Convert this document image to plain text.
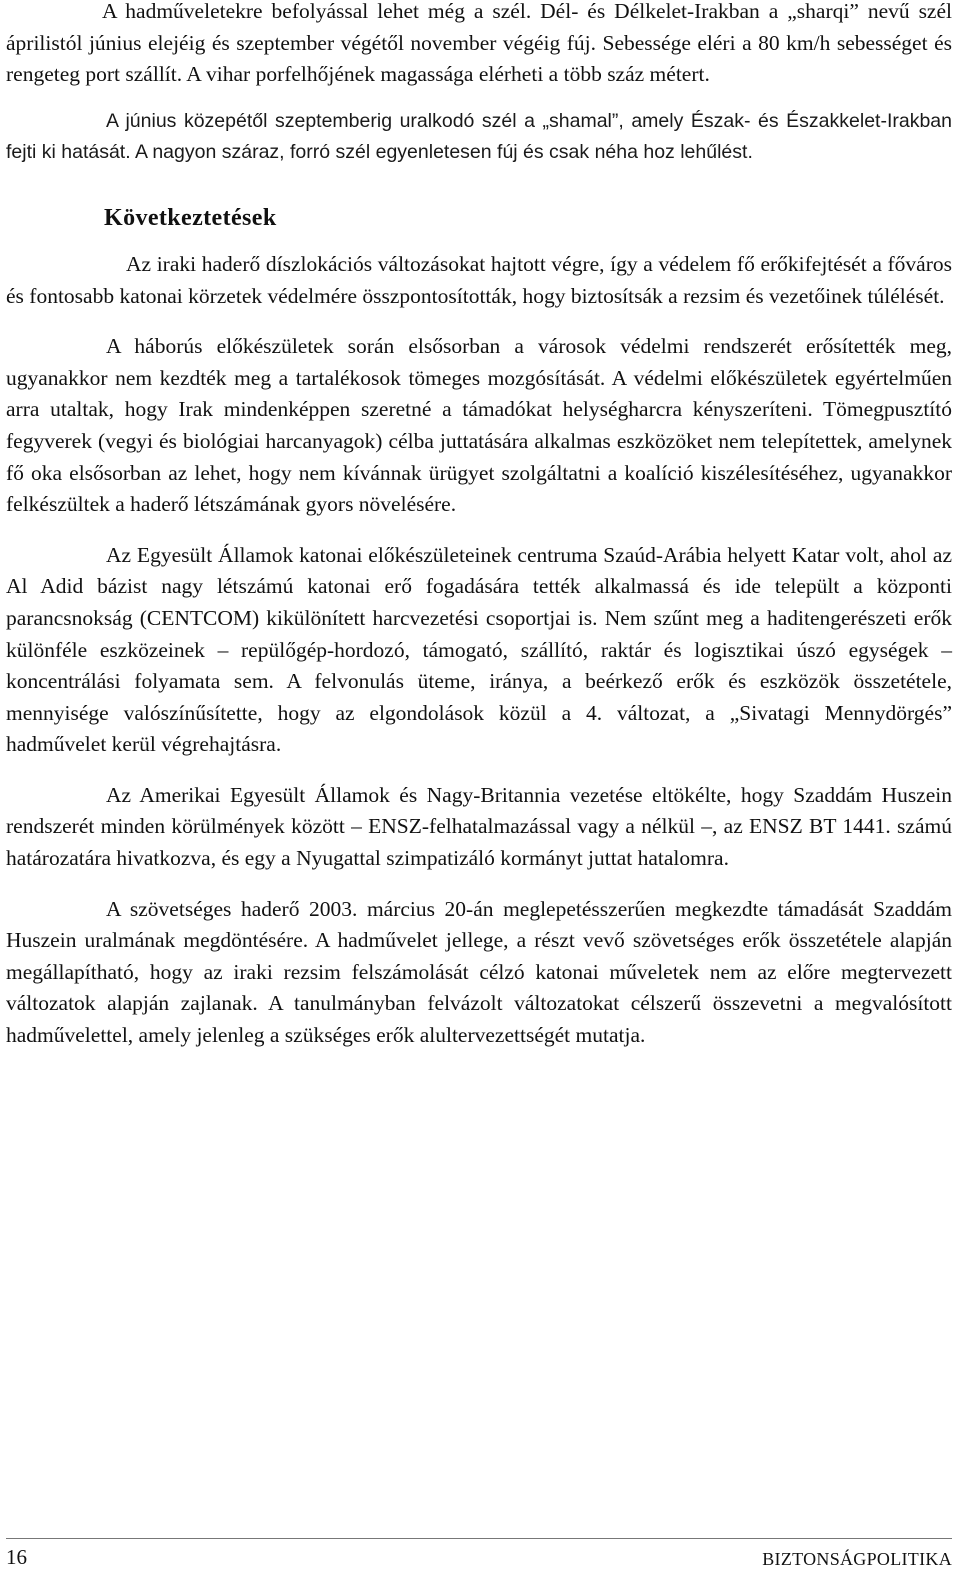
A hadműveletekre befolyással lehet még a szél. Dél- és Délkelet-Irakban a „sharqi” nevű szél áprilistól június elejéig és szeptember végétől november végéig fúj. Sebessége eléri a 80 km/h sebességet és rengeteg port szállít. A vihar porfelhőjének magassága elérheti a több száz métert.

A június közepétől szeptemberig uralkodó szél a „shamal”, amely Észak- és Északkelet-Irakban fejti ki hatását. A nagyon száraz, forró szél egyenletesen fúj és csak néha hoz lehűlést.

Következtetések

Az iraki haderő díszlokációs változásokat hajtott végre, így a védelem fő erőkifejtését a főváros és fontosabb katonai körzetek védelmére összpontosították, hogy biztosítsák a rezsim és vezetőinek túlélését.

A háborús előkészületek során elsősorban a városok védelmi rendszerét erősítették meg, ugyanakkor nem kezdték meg a tartalékosok tömeges mozgósítását. A védelmi előkészületek egyértelműen arra utaltak, hogy Irak mindenképpen szeretné a támadókat helységharcra kényszeríteni. Tömegpusztító fegyverek (vegyi és biológiai harcanyagok) célba juttatására alkalmas eszközöket nem telepítettek, amelynek fő oka elsősorban az lehet, hogy nem kívánnak ürügyet szolgáltatni a koalíció kiszélesítéséhez, ugyanakkor felkészültek a haderő létszámának gyors növelésére.

Az Egyesült Államok katonai előkészületeinek centruma Szaúd-Arábia helyett Katar volt, ahol az Al Adid bázist nagy létszámú katonai erő fogadására tették alkalmassá és ide települt a központi parancsnokság (CENTCOM) kikülönített harcvezetési csoportjai is. Nem szűnt meg a haditengerészeti erők különféle eszközeinek – repülőgép-hordozó, támogató, szállító, raktár és logisztikai úszó egységek – koncentrálási folyamata sem. A felvonulás üteme, iránya, a beérkező erők és eszközök összetétele, mennyisége valószínűsítette, hogy az elgondolások közül a 4. változat, a „Sivatagi Mennydörgés” hadművelet kerül végrehajtásra.

Az Amerikai Egyesült Államok és Nagy-Britannia vezetése eltökélte, hogy Szaddám Huszein rendszerét minden körülmények között – ENSZ-felhatalmazással vagy a nélkül –, az ENSZ BT 1441. számú határozatára hivatkozva, és egy a Nyugattal szimpatizáló kormányt juttat hatalomra.

A szövetséges haderő 2003. március 20-án meglepetésszerűen megkezdte támadását Szaddám Huszein uralmának megdöntésére. A hadművelet jellege, a részt vevő szövetséges erők összetétele alapján megállapítható, hogy az iraki rezsim felszámolását célzó katonai műveletek nem az előre megtervezett változatok alapján zajlanak. A tanulmányban felvázolt változatokat célszerű összevetni a megvalósított hadművelettel, amely jelenleg a szükséges erők alultervezettségét mutatja.

16	BIZTONSÁGPOLITIKA
